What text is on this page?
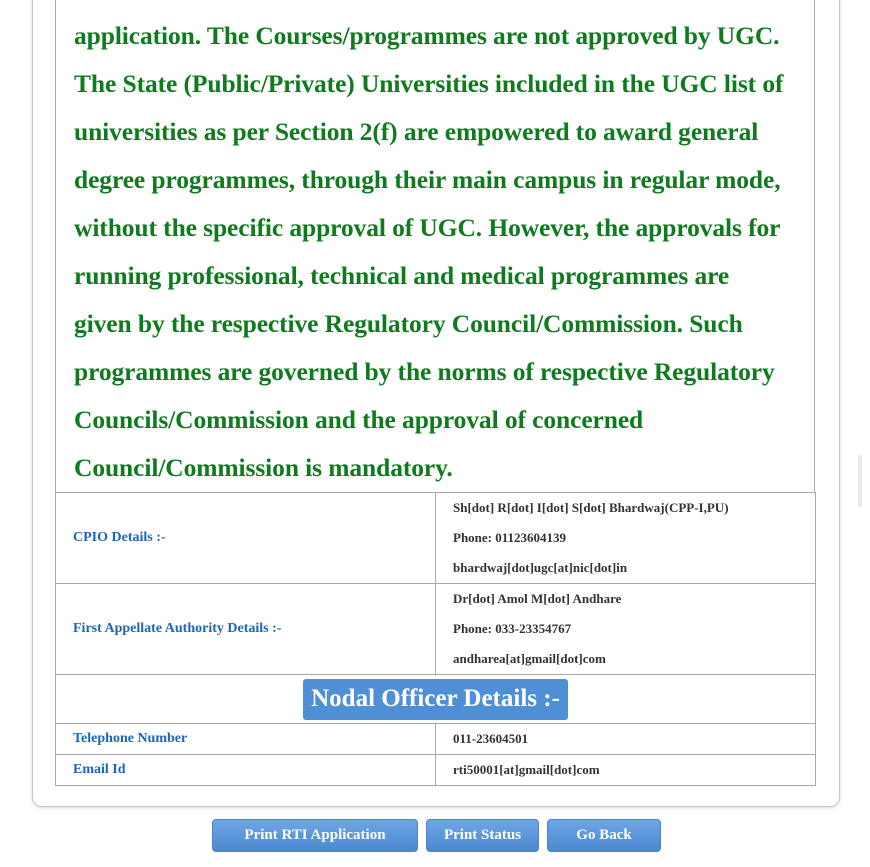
application. The Courses/programmes are not approved by UGC.
The State (Public/Private) Universities included in the UGC list of
universities as per Section 2(f) are empowered to award general
degree programmes, through their main campus in regular mode,
without the specific approval of UGC. However, the approvals for
running professional, technical and medical programmes are
given by the respective Regulatory Council/Commission. Such
programmes are governed by the norms of respective Regulatory
Councils/Commission and the approval of concerned
Council/Commission is mandatory.

CPIO Details :-	Sh[dot] R[dot] I[dot] S[dot] Bhardwaj(CPP-I,PU)
Phone: 01123604139
bhardwaj[dot]ugc[at]nic[dot]in

First Appellate Authority Details :-	Dr[dot] Amol M[dot] Andhare
Phone: 033-23354767
andharea[at]gmail[dot]com

Nodal Officer Details :-	
Telephone Number	011-23604501
Email Id	rti50001[at]gmail[dot]com
Print RTI Application	Print Status	Go Back
